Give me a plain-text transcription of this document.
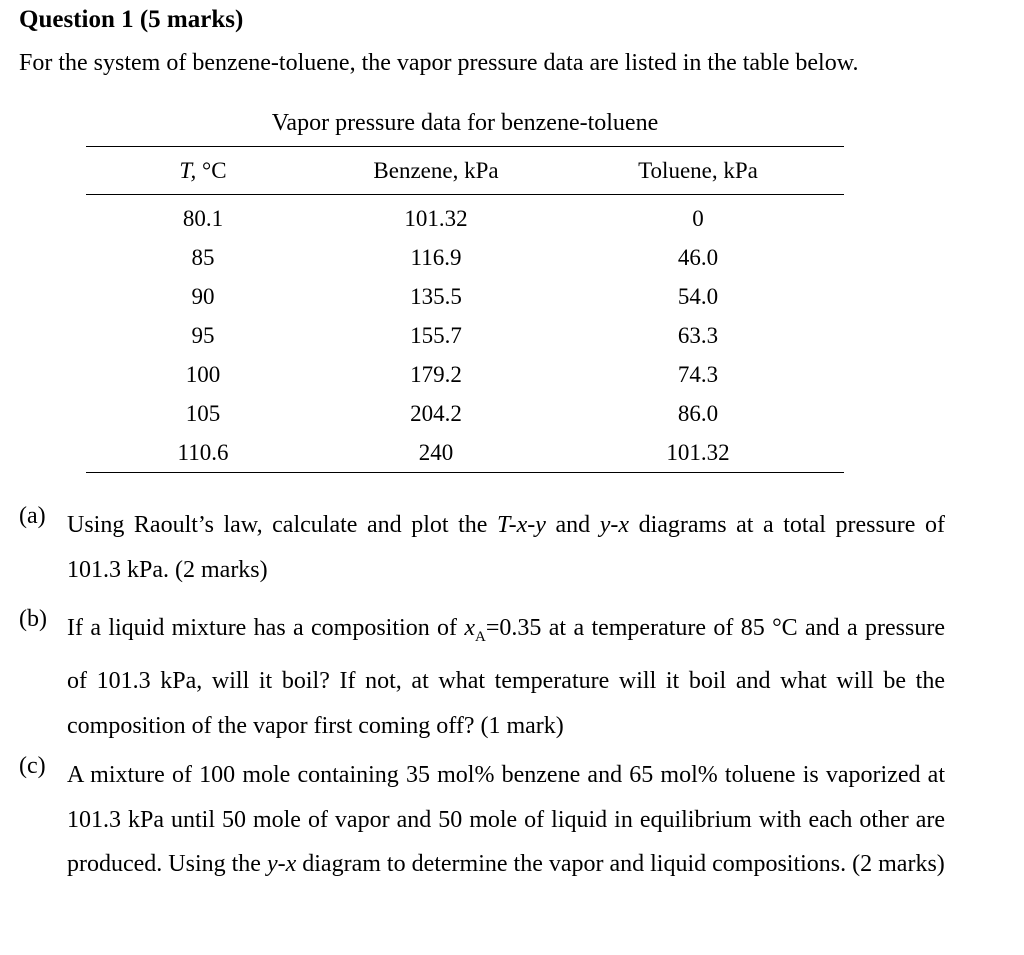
Question 1 (5 marks)

For the system of benzene-toluene, the vapor pressure data are listed in the table below.

Vapor pressure data for benzene-toluene

T, °C	Benzene, kPa	Toluene, kPa
80.1	101.32	0
85	116.9	46.0
90	135.5	54.0
95	155.7	63.3
100	179.2	74.3
105	204.2	86.0
110.6	240	101.32
(a) Using Raoult’s law, calculate and plot the T-x-y and y-x diagrams at a total pressure of 101.3 kPa. (2 marks)

(b) If a liquid mixture has a composition of $x_A=0.35$ at a temperature of 85 °C and a pressure of 101.3 kPa, will it boil? If not, at what temperature will it boil and what will be the composition of the vapor first coming off? (1 mark)

(c) A mixture of 100 mole containing 35 mol% benzene and 65 mol% toluene is vaporized at 101.3 kPa until 50 mole of vapor and 50 mole of liquid in equilibrium with each other are produced. Using the y-x diagram to determine the vapor and liquid compositions. (2 marks)
